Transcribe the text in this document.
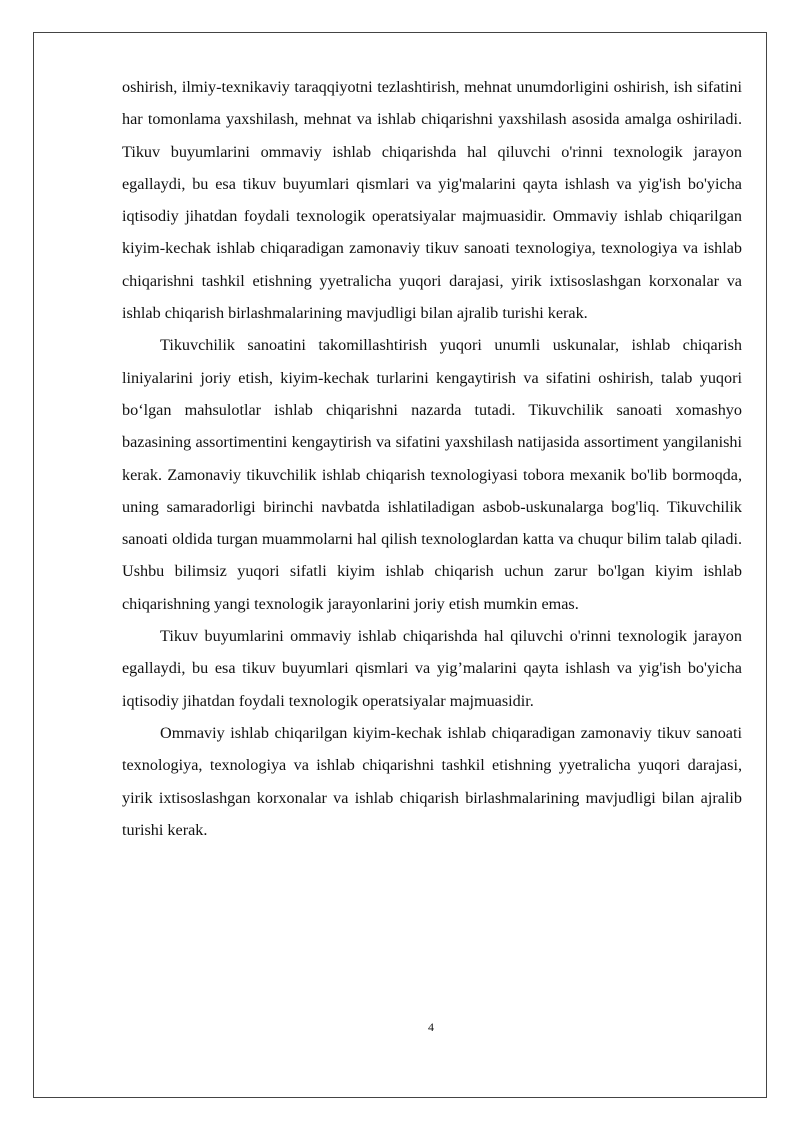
oshirish, ilmiy-texnikaviy taraqqiyotni tezlashtirish, mehnat unumdorligini oshirish, ish sifatini har tomonlama yaxshilash, mehnat va ishlab chiqarishni yaxshilash asosida amalga oshiriladi. Tikuv buyumlarini ommaviy ishlab chiqarishda hal qiluvchi o'rinni texnologik jarayon egallaydi, bu esa tikuv buyumlari qismlari va yig'malarini qayta ishlash va yig'ish bo'yicha iqtisodiy jihatdan foydali texnologik operatsiyalar majmuasidir. Ommaviy ishlab chiqarilgan kiyim-kechak ishlab chiqaradigan zamonaviy tikuv sanoati texnologiya, texnologiya va ishlab chiqarishni tashkil etishning yyetralicha yuqori darajasi, yirik ixtisoslashgan korxonalar va ishlab chiqarish birlashmalarining mavjudligi bilan ajralib turishi kerak.

Tikuvchilik sanoatini takomillashtirish yuqori unumli uskunalar, ishlab chiqarish liniyalarini joriy etish, kiyim-kechak turlarini kengaytirish va sifatini oshirish, talab yuqori bo‘lgan mahsulotlar ishlab chiqarishni nazarda tutadi. Tikuvchilik sanoati xomashyo bazasining assortimentini kengaytirish va sifatini yaxshilash natijasida assortiment yangilanishi kerak. Zamonaviy tikuvchilik ishlab chiqarish texnologiyasi tobora mexanik bo'lib bormoqda, uning samaradorligi birinchi navbatda ishlatiladigan asbob-uskunalarga bog'liq. Tikuvchilik sanoati oldida turgan muammolarni hal qilish texnologlardan katta va chuqur bilim talab qiladi. Ushbu bilimsiz yuqori sifatli kiyim ishlab chiqarish uchun zarur bo'lgan kiyim ishlab chiqarishning yangi texnologik jarayonlarini joriy etish mumkin emas.

Tikuv buyumlarini ommaviy ishlab chiqarishda hal qiluvchi o'rinni texnologik jarayon egallaydi, bu esa tikuv buyumlari qismlari va yig’malarini qayta ishlash va yig'ish bo'yicha iqtisodiy jihatdan foydali texnologik operatsiyalar majmuasidir.

Ommaviy ishlab chiqarilgan kiyim-kechak ishlab chiqaradigan zamonaviy tikuv sanoati texnologiya, texnologiya va ishlab chiqarishni tashkil etishning yyetralicha yuqori darajasi, yirik ixtisoslashgan korxonalar va ishlab chiqarish birlashmalarining mavjudligi bilan ajralib turishi kerak.

4
